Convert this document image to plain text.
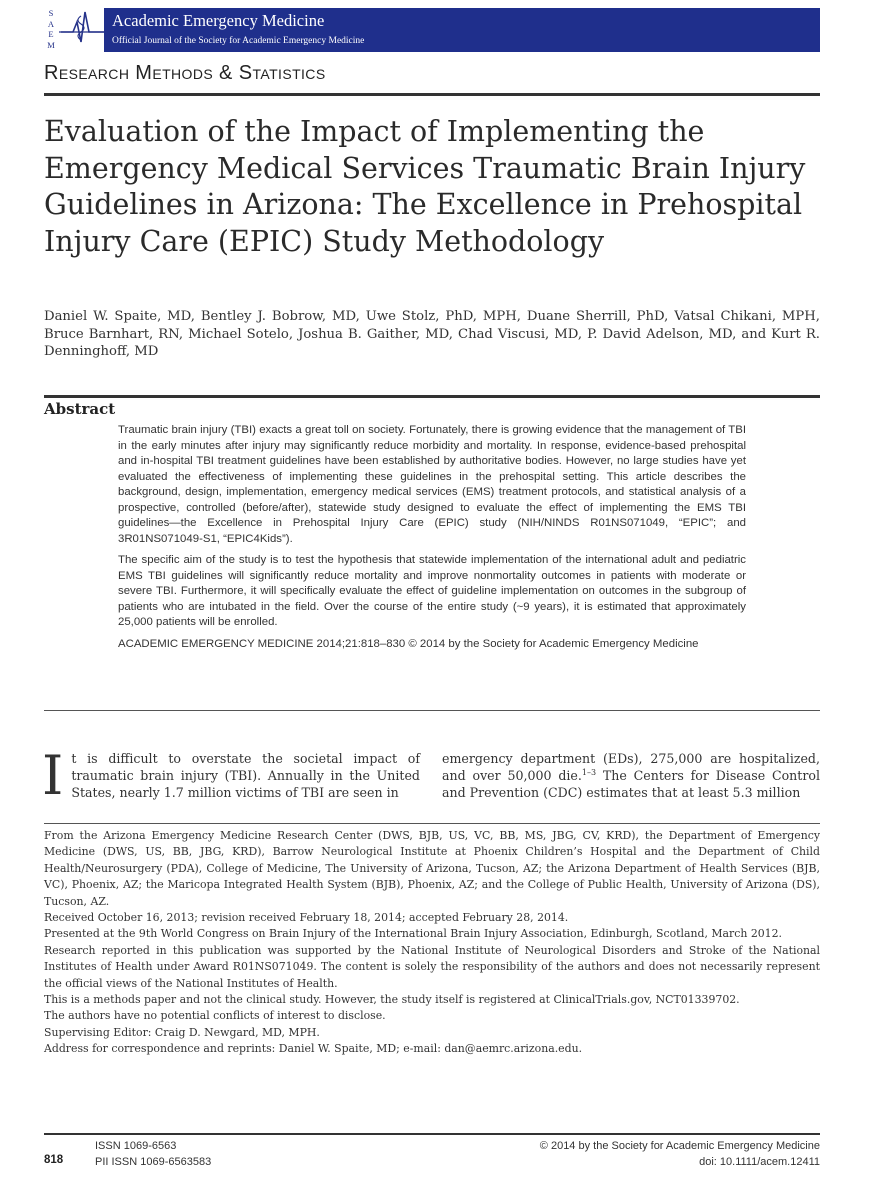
S
A
E
M
Academic Emergency Medicine
Official Journal of the Society for Academic Emergency Medicine
Research Methods & Statistics
Evaluation of the Impact of Implementing the Emergency Medical Services Traumatic Brain Injury Guidelines in Arizona: The Excellence in Prehospital Injury Care (EPIC) Study Methodology

Daniel W. Spaite, MD, Bentley J. Bobrow, MD, Uwe Stolz, PhD, MPH, Duane Sherrill, PhD, Vatsal Chikani, MPH, Bruce Barnhart, RN, Michael Sotelo, Joshua B. Gaither, MD, Chad Viscusi, MD, P. David Adelson, MD, and Kurt R. Denninghoff, MD

Abstract

Traumatic brain injury (TBI) exacts a great toll on society. Fortunately, there is growing evidence that the management of TBI in the early minutes after injury may significantly reduce morbidity and mortality. In response, evidence-based prehospital and in-hospital TBI treatment guidelines have been established by authoritative bodies. However, no large studies have yet evaluated the effectiveness of implementing these guidelines in the prehospital setting. This article describes the background, design, implementation, emergency medical services (EMS) treatment protocols, and statistical analysis of a prospective, controlled (before/after), statewide study designed to evaluate the effect of implementing the EMS TBI guidelines—the Excellence in Prehospital Injury Care (EPIC) study (NIH/NINDS R01NS071049, “EPIC”; and 3R01NS071049-S1, “EPIC4Kids”).

The specific aim of the study is to test the hypothesis that statewide implementation of the international adult and pediatric EMS TBI guidelines will significantly reduce mortality and improve nonmortality outcomes in patients with moderate or severe TBI. Furthermore, it will specifically evaluate the effect of guideline implementation on outcomes in the subgroup of patients who are intubated in the field. Over the course of the entire study (~9 years), it is estimated that approximately 25,000 patients will be enrolled.

ACADEMIC EMERGENCY MEDICINE 2014;21:818–830 © 2014 by the Society for Academic Emergency Medicine

It is difficult to overstate the societal impact of traumatic brain injury (TBI). Annually in the United States, nearly 1.7 million victims of TBI are seen in
emergency department (EDs), 275,000 are hospitalized, and over 50,000 die.$^{1-3}$ The Centers for Disease Control and Prevention (CDC) estimates that at least 5.3 million

From the Arizona Emergency Medicine Research Center (DWS, BJB, US, VC, BB, MS, JBG, CV, KRD), the Department of Emergency Medicine (DWS, US, BB, JBG, KRD), Barrow Neurological Institute at Phoenix Children’s Hospital and the Department of Child Health/Neurosurgery (PDA), College of Medicine, The University of Arizona, Tucson, AZ; the Arizona Department of Health Services (BJB, VC), Phoenix, AZ; the Maricopa Integrated Health System (BJB), Phoenix, AZ; and the College of Public Health, University of Arizona (DS), Tucson, AZ.

Received October 16, 2013; revision received February 18, 2014; accepted February 28, 2014.

Presented at the 9th World Congress on Brain Injury of the International Brain Injury Association, Edinburgh, Scotland, March 2012.

Research reported in this publication was supported by the National Institute of Neurological Disorders and Stroke of the National Institutes of Health under Award R01NS071049. The content is solely the responsibility of the authors and does not necessarily represent the official views of the National Institutes of Health.

This is a methods paper and not the clinical study. However, the study itself is registered at ClinicalTrials.gov, NCT01339702.

The authors have no potential conflicts of interest to disclose.

Supervising Editor: Craig D. Newgard, MD, MPH.

Address for correspondence and reprints: Daniel W. Spaite, MD; e-mail: dan@aemrc.arizona.edu.

818
ISSN 1069-6563
PII ISSN 1069-6563583
© 2014 by the Society for Academic Emergency Medicine
doi: 10.1111/acem.12411
